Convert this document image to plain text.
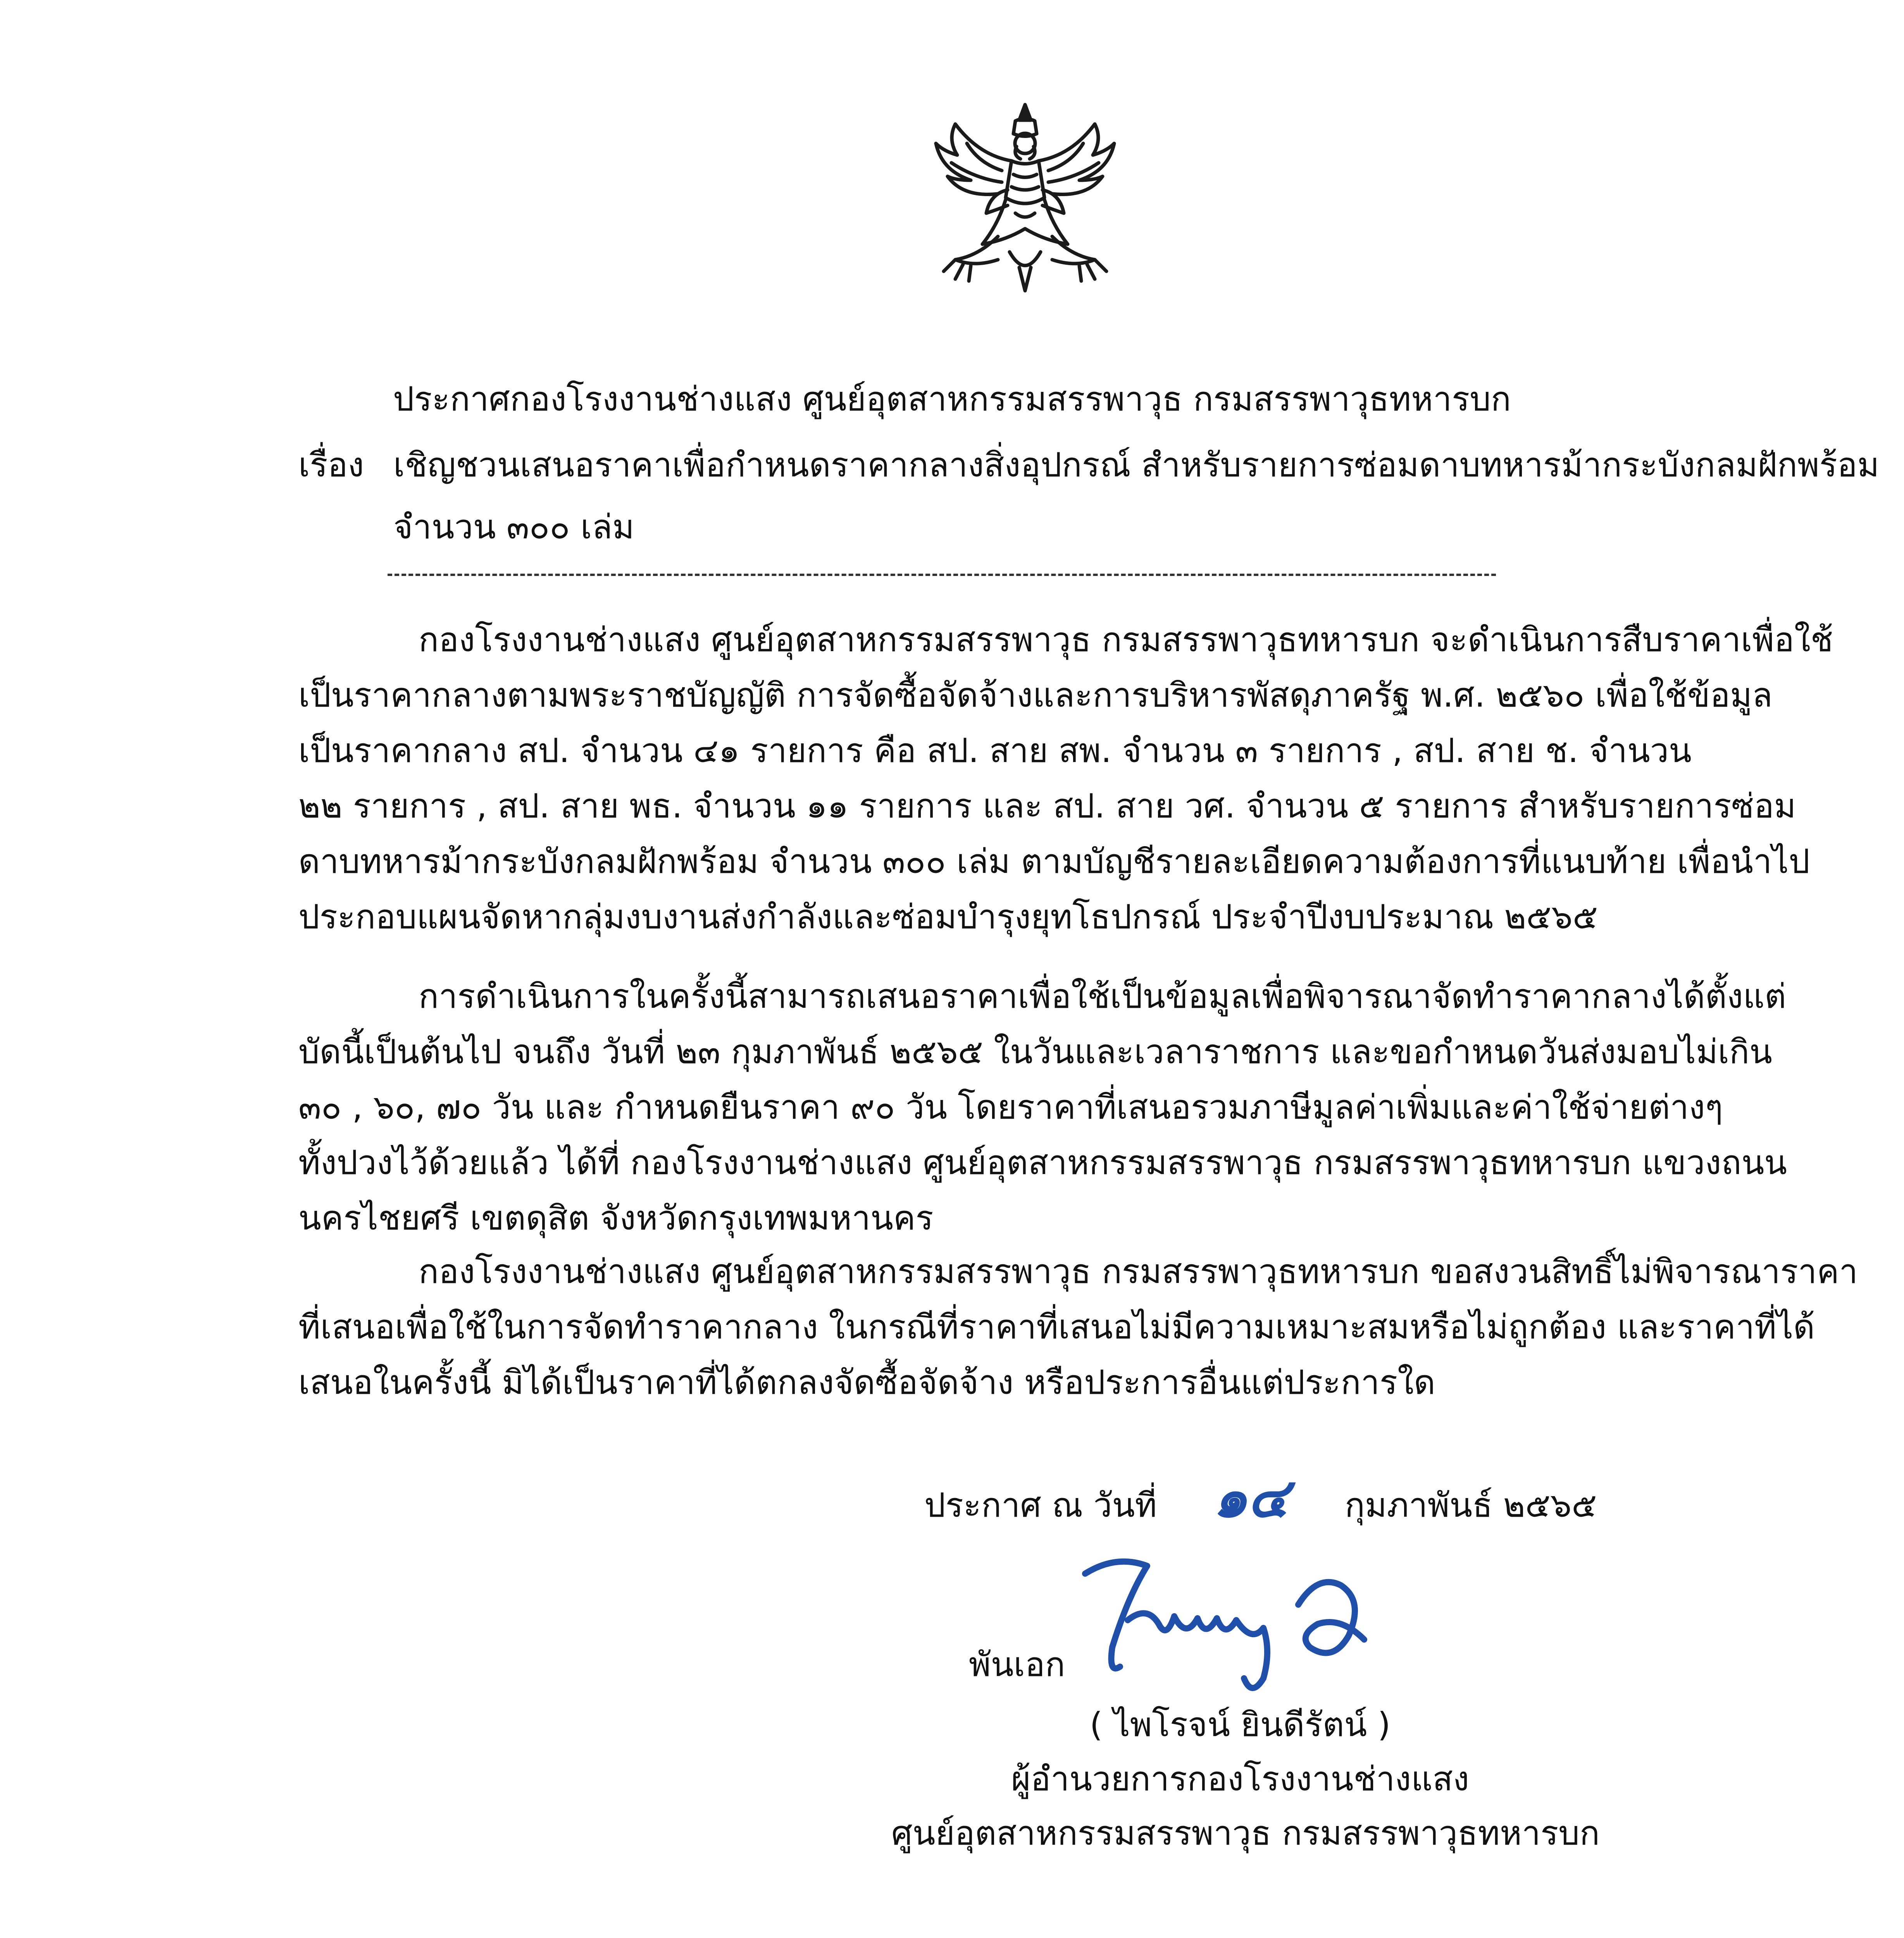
ประกาศกองโรงงานช่างแสง ศูนย์อุตสาหกรรมสรรพาวุธ กรมสรรพาวุธทหารบก
เรื่อง เชิญชวนเสนอราคาเพื่อกำหนดราคากลางสิ่งอุปกรณ์ สำหรับรายการซ่อมดาบทหารม้ากระบังกลมฝักพร้อม
จำนวน ๓๐๐ เล่ม
กองโรงงานช่างแสง ศูนย์อุตสาหกรรมสรรพาวุธ กรมสรรพาวุธทหารบก จะดำเนินการสืบราคาเพื่อใช้
เป็นราคากลางตามพระราชบัญญัติ การจัดซื้อจัดจ้างและการบริหารพัสดุภาครัฐ พ.ศ. ๒๕๖๐ เพื่อใช้ข้อมูล
เป็นราคากลาง สป. จำนวน ๔๑ รายการ คือ สป. สาย สพ. จำนวน ๓ รายการ , สป. สาย ช. จำนวน
๒๒ รายการ , สป. สาย พธ. จำนวน ๑๑ รายการ และ สป. สาย วศ. จำนวน ๕ รายการ สำหรับรายการซ่อม
ดาบทหารม้ากระบังกลมฝักพร้อม จำนวน ๓๐๐ เล่ม ตามบัญชีรายละเอียดความต้องการที่แนบท้าย เพื่อนำไป
ประกอบแผนจัดหากลุ่มงบงานส่งกำลังและซ่อมบำรุงยุทโธปกรณ์ ประจำปีงบประมาณ ๒๕๖๕
การดำเนินการในครั้งนี้สามารถเสนอราคาเพื่อใช้เป็นข้อมูลเพื่อพิจารณาจัดทำราคากลางได้ตั้งแต่
บัดนี้เป็นต้นไป จนถึง วันที่ ๒๓ กุมภาพันธ์ ๒๕๖๕ ในวันและเวลาราชการ และขอกำหนดวันส่งมอบไม่เกิน
๓๐ , ๖๐, ๗๐ วัน และ กำหนดยืนราคา ๙๐ วัน โดยราคาที่เสนอรวมภาษีมูลค่าเพิ่มและค่าใช้จ่ายต่างๆ
ทั้งปวงไว้ด้วยแล้ว ได้ที่ กองโรงงานช่างแสง ศูนย์อุตสาหกรรมสรรพาวุธ กรมสรรพาวุธทหารบก แขวงถนน
นครไชยศรี เขตดุสิต จังหวัดกรุงเทพมหานคร
กองโรงงานช่างแสง ศูนย์อุตสาหกรรมสรรพาวุธ กรมสรรพาวุธทหารบก ขอสงวนสิทธิ์ไม่พิจารณาราคา
ที่เสนอเพื่อใช้ในการจัดทำราคากลาง ในกรณีที่ราคาที่เสนอไม่มีความเหมาะสมหรือไม่ถูกต้อง และราคาที่ได้
เสนอในครั้งนี้ มิได้เป็นราคาที่ได้ตกลงจัดซื้อจัดจ้าง หรือประการอื่นแต่ประการใด
ประกาศ ณ วันที่ ๑๔ กุมภาพันธ์ ๒๕๖๕
พันเอก
( ไพโรจน์ ยินดีรัตน์ )
ผู้อำนวยการกองโรงงานช่างแสง
ศูนย์อุตสาหกรรมสรรพาวุธ กรมสรรพาวุธทหารบก
